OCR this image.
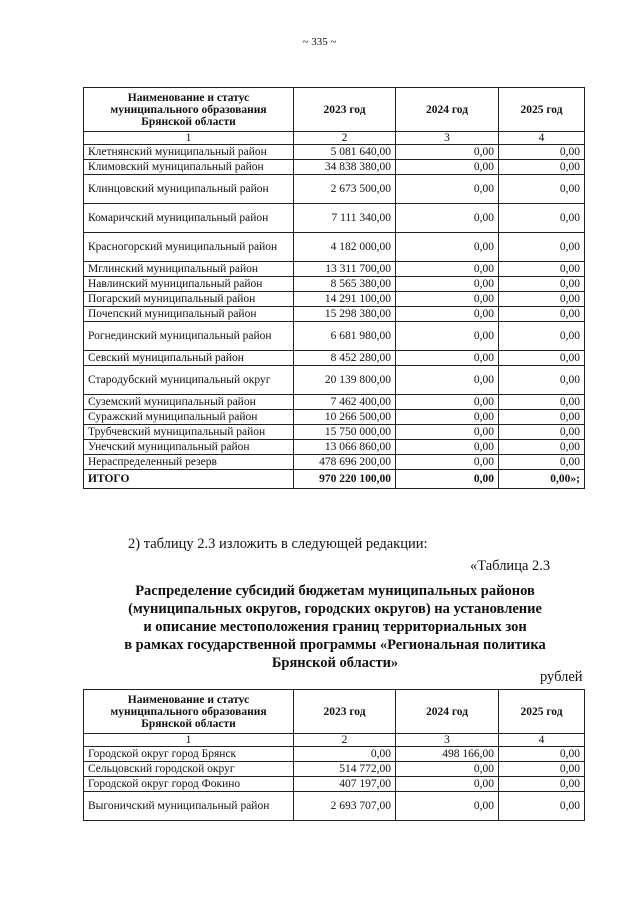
~ 335 ~
Наименование и статус муниципального образования Брянской области	2023 год	2024 год	2025 год
1	2	3	4
Клетнянский муниципальный район	5 081 640,00	0,00	0,00
Климовский муниципальный район	34 838 380,00	0,00	0,00
Клинцовский муниципальный район	2 673 500,00	0,00	0,00
Комаричский муниципальный район	7 111 340,00	0,00	0,00
Красногорский муниципальный район	4 182 000,00	0,00	0,00
Мглинский муниципальный район	13 311 700,00	0,00	0,00
Навлинский муниципальный район	8 565 380,00	0,00	0,00
Погарский муниципальный район	14 291 100,00	0,00	0,00
Почепский муниципальный район	15 298 380,00	0,00	0,00
Рогнединский муниципальный район	6 681 980,00	0,00	0,00
Севский муниципальный район	8 452 280,00	0,00	0,00
Стародубский муниципальный округ	20 139 800,00	0,00	0,00
Суземский муниципальный район	7 462 400,00	0,00	0,00
Суражский муниципальный район	10 266 500,00	0,00	0,00
Трубчевский муниципальный район	15 750 000,00	0,00	0,00
Унечский муниципальный район	13 066 860,00	0,00	0,00
Нераспределенный резерв	478 696 200,00	0,00	0,00
ИТОГО	970 220 100,00	0,00	0,00»;
2) таблицу 2.3 изложить в следующей редакции:
«Таблица 2.3
Распределение субсидий бюджетам муниципальных районов
(муниципальных округов, городских округов) на установление
и описание местоположения границ территориальных зон
в рамках государственной программы «Региональная политика
Брянской области»
рублей
Наименование и статус муниципального образования Брянской области	2023 год	2024 год	2025 год
1	2	3	4
Городской округ город Брянск	0,00	498 166,00	0,00
Сельцовский городской округ	514 772,00	0,00	0,00
Городской округ город Фокино	407 197,00	0,00	0,00
Выгоничский муниципальный район	2 693 707,00	0,00	0,00
